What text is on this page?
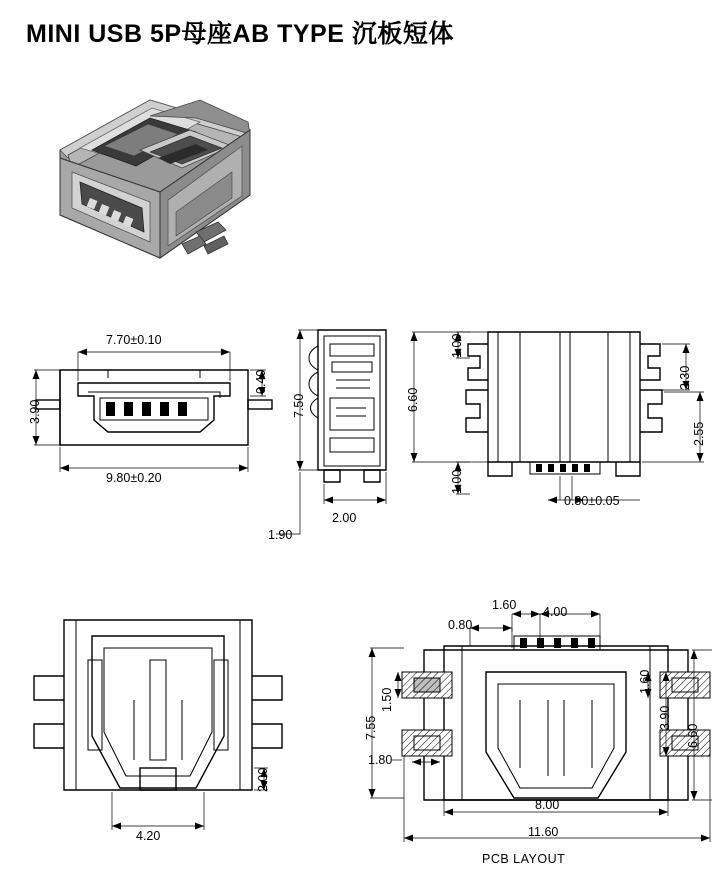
MINI USB 5P母座AB TYPE 沉板短体
7.70±0.10
9.80±0.20
3.90
0.40
7.50
2.00
1.90
1.00
6.60
2.30
2.55
1.00
0.80±0.05
2.00
4.20
1.60 4.00
0.80
1.50
1.80
7.55
1.60
3.90
6.60
8.00
11.60
PCB LAYOUT
